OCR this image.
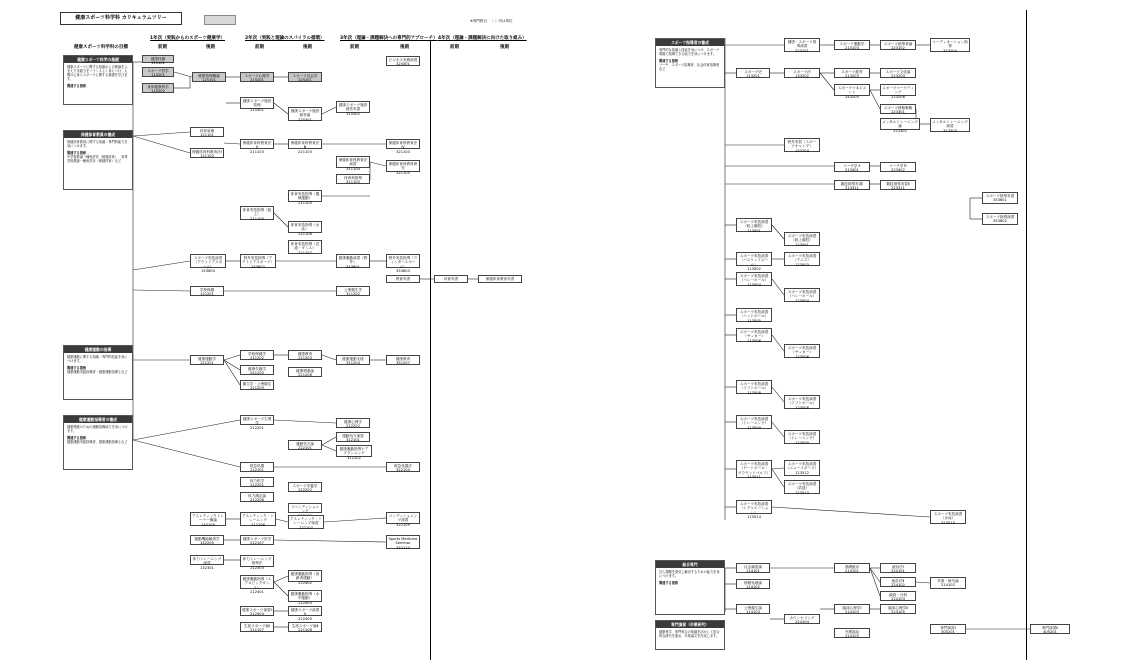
健康スポーツ科学科 カリキュラムツリー	※専門教目：（ ）内は単位
1年次（実践からのスポーツ健康学）	2年次（実践と理論のスパイラル循環）	3年次（理論・課題解決への専門的アプローチ） 4年次（理論・課題解決に向けた取り組み）
前期	後期	前期	後期	前期	後期	前期	後期
健康スポーツ科学科の目標
健康スポーツ科学の基礎
健康スポーツに関する知識および理論をふまえた実践力をバランスよく身につけ、人間の心身とスポーツに関する基礎を学びます。
関連する資格
保健体育教員の養成
保健体育教員に関する知識・専門的能力を身につけます。
関連する資格
中学校教諭一種免許状（保健体育）、高等学校教諭一種免許状（保健体育）など
健康運動の指導
健康運動に関する知識・専門的技能を身につけます。
関連する資格
健康運動実践指導者・健康運動指導士など
健康運動指導者の養成
健康増進のための運動指導能力を身につけます。
関連する資格
健康運動実践指導者、健康運動指導士など
スポーツ指導者の養成
専門的な知識と技能を身につけ、スポーツ現場で指導できる能力を身につけます。
関連する資格
コーチ、スポーツ指導者、社会体育指導者など
総合専門
自ら課題を発見し解決するための能力を身につけます。
関連する資格
専門演習（卒業研究）
健康科学、専門科目の知識を活かして総合的な研究を進め、卒業論文を作成します。
健康体操
115101
スポーツ哲学
115201
身体健康科学
115202
健康管理概論
125101
スポーツ心理学
215201
スポーツ社会学
225201
健康スポーツ施設管理
215301	健康スポーツ施設経営論
225301
健康スポーツ施設経営実習
315302
ビジネス実務演習
325301
体育原理
121101
保健体育科教育法Ⅰ
121102
保健体育科教育法Ⅱ
211103
保健体育科教育法Ⅲ
221103
保健体育科教育法Ⅳ
321103
保健体育科教育法演習
311104
体育科指導
311105
保健体育科教材研究
321105
体育実技指導（器械運動）
211105
体育実技指導（陸上）
211105
体育実技指導（水泳）
221106
体育実技指導（武道・ダンス）
221107
スポーツ実技演習（アウトドアスポーツ）
153604
野外実技指導（アウトドアスポーツ）
243602
健康運動演習（野外）
343601
野外実技指導（ウィンタースポーツ）
353603
教育実習
学校保健
121201
公衆衛生学
311202
体育実習	保健体育教育実習
健康運動学
121201
学校保健学
211202
健康栄養学
241205
衛生学・公衆衛生
221209
健康教育
221203
健康増進論
221206
健康運動支援
311204
健康教育
351207
健康スポーツ生理学
212201
健康心理学
212202
運動処方論
222101
運動処方演習
312101
健康運動指導ケアプランニング
312102
救急処置
212101
救急処置法
322104
体力医学
212201
体力測定論
212206
スポーツ栄養学
222202
リコンディショニング
アスレティックトレーナー概論
142105
アスレティック・トレーニング
212106
アスレティック・トレーニング演習
222107
コンディショニング演習
322109
運動機能解剖学
142205
健康スポーツ医学
212107
Sports Medicine Seminar
352110
体力トレーニング演習
132301
体力トレーニング指導法
212303
健康運動指導（エアロビックダンス）
212401
健康運動指導（高齢者運動）
222402
健康運動指導（水中運動）
222403
健康スポーツ演習Ⅰ
212404
健康スポーツ演習Ⅱ
222405
生涯スポーツ論Ⅰ
211107
生涯スポーツ論Ⅱ
221108
健康・スポーツ指導演習
223101
スポーツ運動学
213103
スポーツ指導者論
223102
コーディネーション指導
313104
スポーツ史
113201
スポーツ法
133202
スポーツ経営
213203
スポーツ文化論
223204
スポーツマネジメント
243205
スポーツマーケティング
223206
スポーツ情報戦略
223301
メンタルトレーニング論
223302
メンタルトレーニング演習
313303
野外実習（スポーツキャンプ）
153704
コーチ学Ａ
213401
コーチ学Ｂ
223402
競技指導実習Ⅰ
213311
競技指導実習Ⅱ
223311
スポーツ指導実習
353601
スポーツ指導演習
353602
スポーツ実技演習（陸上競技）
113501
スポーツ実技演習（陸上競技）
123501
スポーツ実技演習（バスケットボール）
113502
スポーツ実技演習（テニス）
123503
スポーツ実技演習（バレーボール）
113504
スポーツ実技演習（バレーボール）
123504
スポーツ実技演習（ハンドボール）
113505
スポーツ実技演習（サッカー）
113506
スポーツ実技演習（サッカー）
123506
スポーツ実技演習（ソフトボール）
113508
スポーツ実技演習（ソフトボール）
123508
スポーツ実技演習（トレーニング）
113509
スポーツ実技演習（トレーニング）
123509
スポーツ実技演習（ゲートボール・グラウンドゴルフ）
113511
スポーツ実技演習（ニュースポーツ）
123512
スポーツ実技演習（武道）
123513
スポーツ実技演習（レクリエーション）
113514
スポーツ実技演習（水泳）
313515
社会調査論
114101
情報処理論
114102
基礎統計
214101
統計法Ⅰ
224101
統計法Ⅱ
224102
調査・分析
224103
卒業・研究論
214102
公衆衛生論
114103
カウンセリング
224104
臨床心理学Ⅰ
214103
臨床心理学Ⅱ
224105
介護福祉
214105
専門演習Ⅰ
305201
専門演習Ⅱ
405201
